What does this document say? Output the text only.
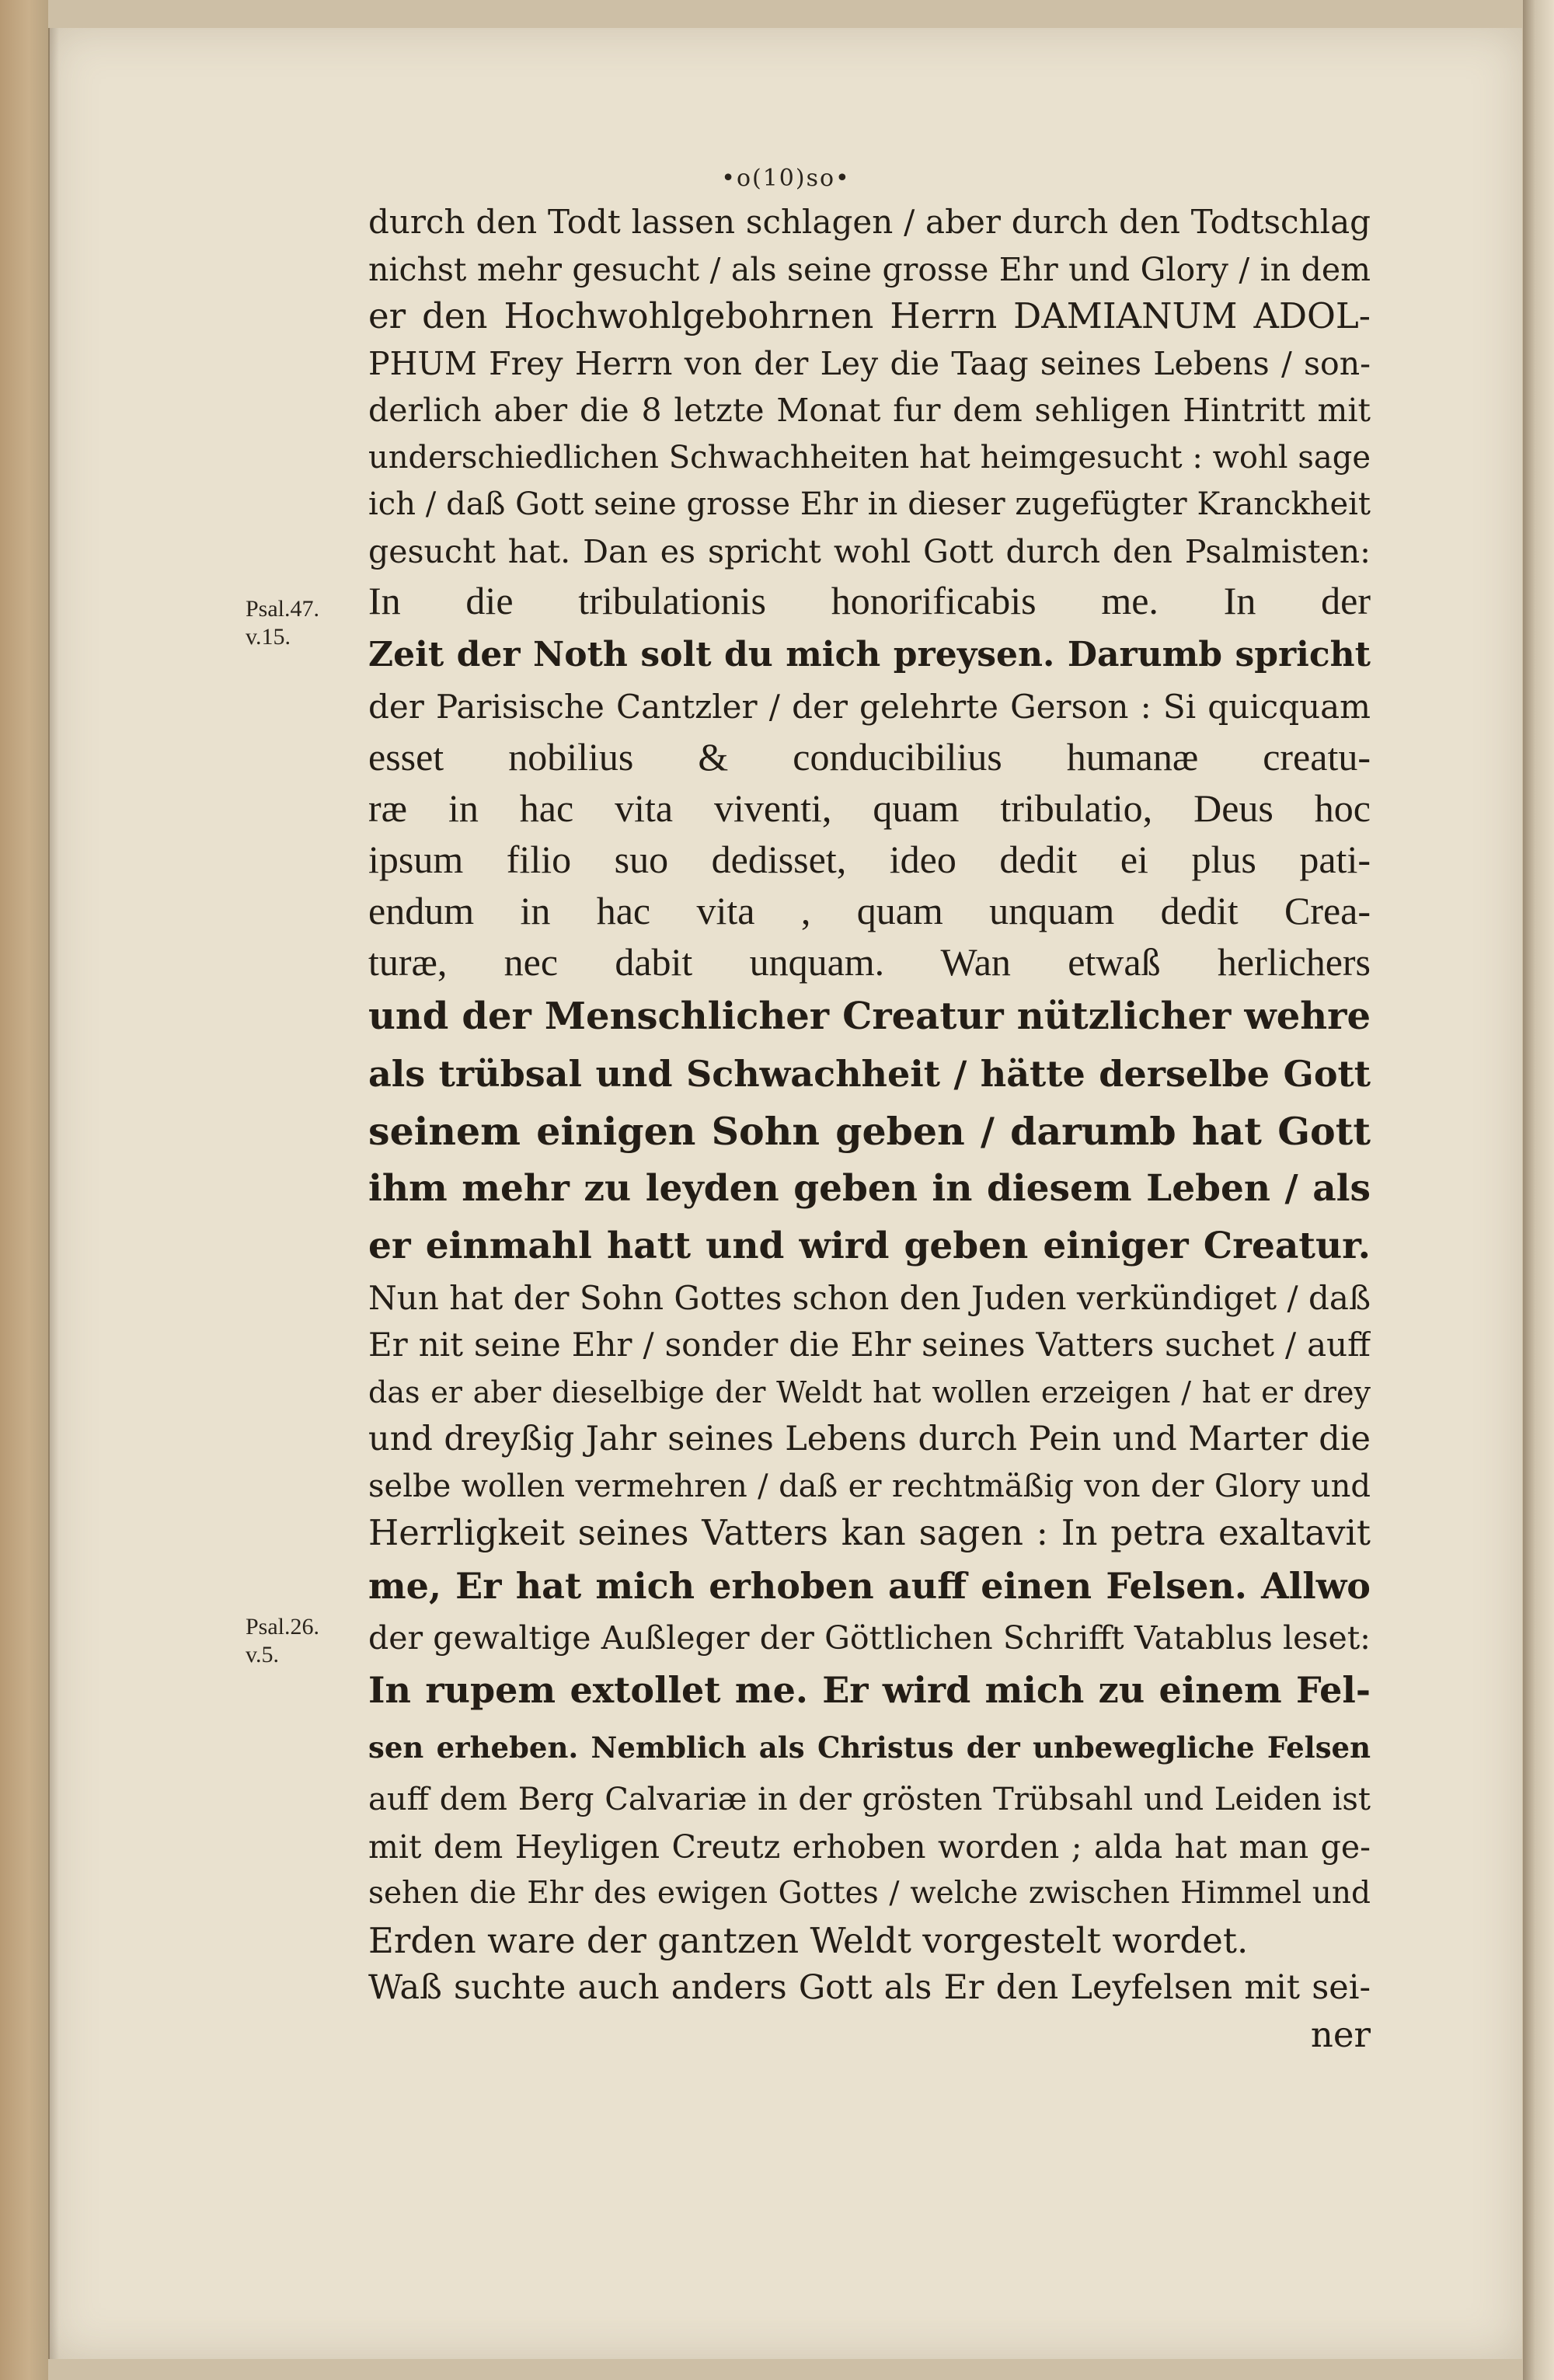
•o(10)so•
Psal.47.
v.15.
Psal.26.
v.5.
durch den Todt lassen schlagen / aber durch den Todtschlag
nichst mehr gesucht / als seine grosse Ehr und Glory / in dem
er den Hochwohlgebohrnen Herrn DAMIANUM ADOL-
PHUM Frey Herrn von der Ley die Taag seines Lebens / son-
derlich aber die 8 letzte Monat fur dem sehligen Hintritt mit
underschiedlichen Schwachheiten hat heimgesucht : wohl sage
ich / daß Gott seine grosse Ehr in dieser zugefügter Kranckheit
gesucht hat. Dan es spricht wohl Gott durch den Psalmisten:
In die tribulationis honorificabis me. In der
Zeit der Noth solt du mich preysen. Darumb spricht
der Parisische Cantzler / der gelehrte Gerson : Si quicquam
esset nobilius & conducibilius humanæ creatu-
ræ in hac vita viventi, quam tribulatio, Deus hoc
ipsum filio suo dedisset, ideo dedit ei plus pati-
endum in hac vita , quam unquam dedit Crea-
turæ, nec dabit unquam. Wan etwaß herlichers
und der Menschlicher Creatur nützlicher wehre
als trübsal und Schwachheit / hätte derselbe Gott
seinem einigen Sohn geben / darumb hat Gott
ihm mehr zu leyden geben in diesem Leben / als
er einmahl hatt und wird geben einiger Creatur.
Nun hat der Sohn Gottes schon den Juden verkündiget / daß
Er nit seine Ehr / sonder die Ehr seines Vatters suchet / auff
das er aber dieselbige der Weldt hat wollen erzeigen / hat er drey
und dreyßig Jahr seines Lebens durch Pein und Marter die
selbe wollen vermehren / daß er rechtmäßig von der Glory und
Herrligkeit seines Vatters kan sagen : In petra exaltavit
me, Er hat mich erhoben auff einen Felsen. Allwo
der gewaltige Außleger der Göttlichen Schrifft Vatablus leset:
In rupem extollet me. Er wird mich zu einem Fel-
sen erheben. Nemblich als Christus der unbewegliche Felsen
auff dem Berg Calvariæ in der grösten Trübsahl und Leiden ist
mit dem Heyligen Creutz erhoben worden ; alda hat man ge-
sehen die Ehr des ewigen Gottes / welche zwischen Himmel und
Erden ware der gantzen Weldt vorgestelt wordet.
Waß suchte auch anders Gott als Er den Leyfelsen mit sei-
ner
